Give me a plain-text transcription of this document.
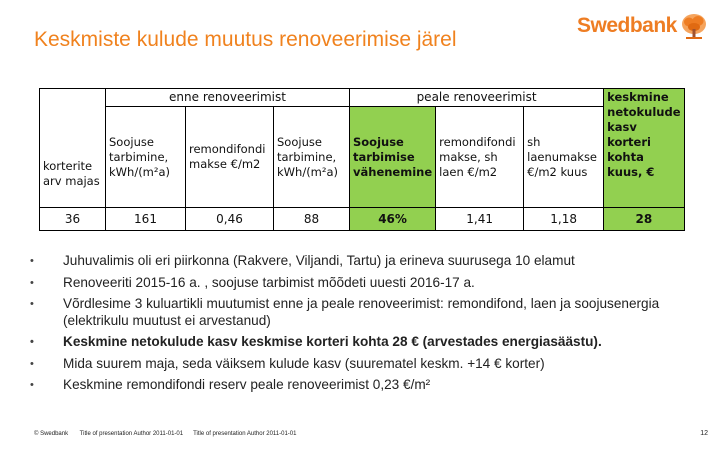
Keskmiste kulude muutus renoveerimise järel
Swedbank
korterite arv majas	enne renoveerimist			peale renoveerimist			keskmine netokulude kasv korteri kohta kuus, €
	Soojuse tarbimine, kWh/(m²a)	remondifondi makse €/m2	Soojuse tarbimine, kWh/(m²a)	Soojuse tarbimise vähenemine	remondifondi makse, sh laen €/m2	sh laenumakse €/m2 kuus	
36	161	0,46	88	46%	1,41	1,18	28
•	Juhuvalimis oli eri piirkonna (Rakvere, Viljandi, Tartu) ja erineva suurusega 10 elamut
•	Renoveeriti 2015-16 a. , soojuse tarbimist mõõdeti uuesti 2016-17 a.
•	Võrdlesime 3 kuluartikli muutumist enne ja peale renoveerimist: remondifond, laen ja soojusenergia (elektrikulu muutust ei arvestanud)
•	Keskmine netokulude kasv keskmise korteri kohta 28 € (arvestades energiasäästu).
•	Mida suurem maja, seda väiksem kulude kasv (suurematel keskm. +14 € korter)
•	Keskmine remondifondi reserv peale renoveerimist 0,23 €/m²
© Swedbank Title of presentation Author 2011-01-01 Title of presentation Author 2011-01-01	12
